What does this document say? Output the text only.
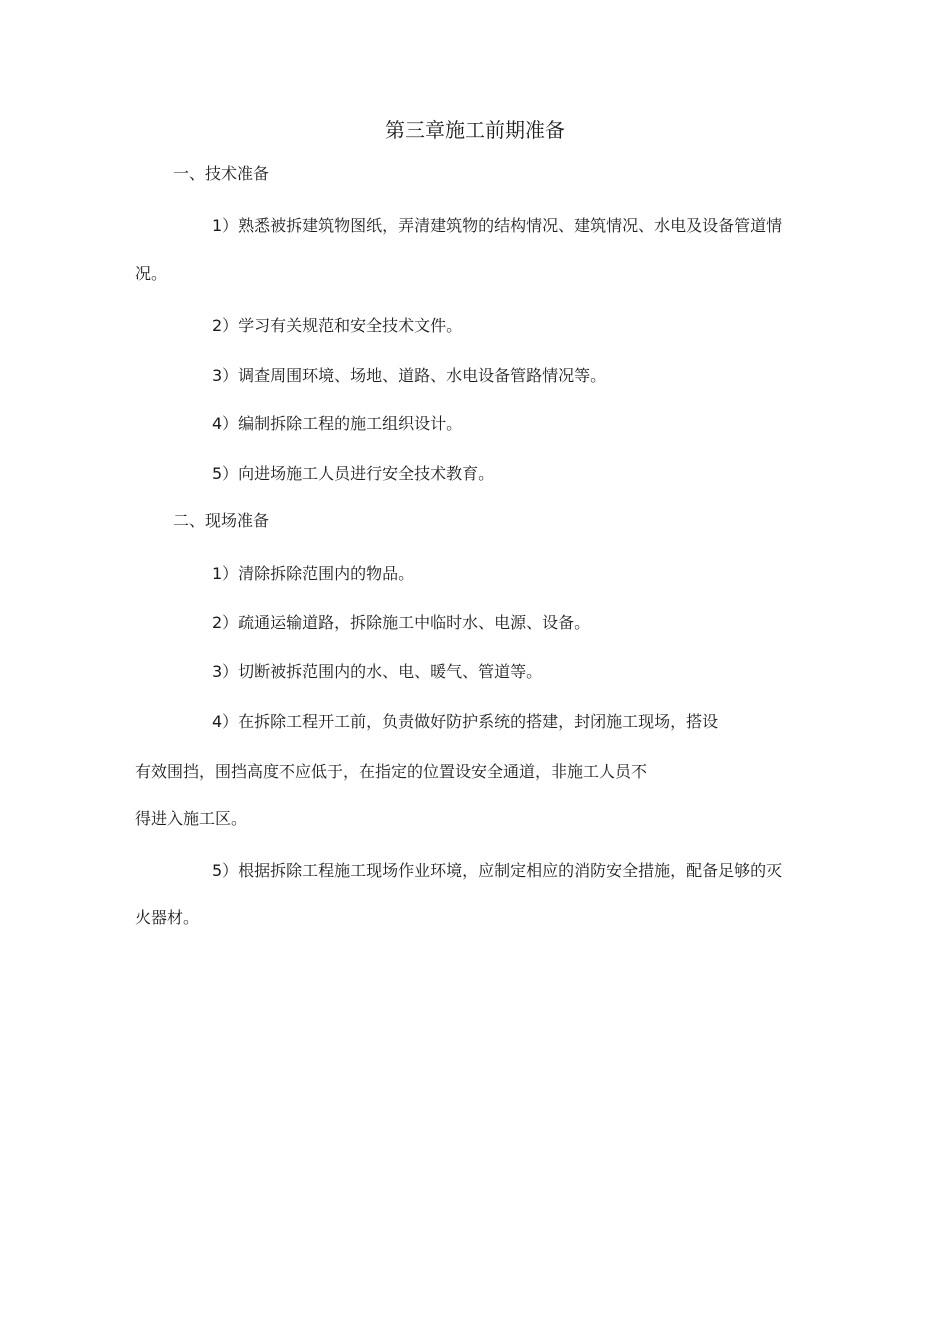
第三章施工前期准备
一、技术准备
1）熟悉被拆建筑物图纸，弄清建筑物的结构情况、建筑情况、水电及设备管道情
况。
2）学习有关规范和安全技术文件。
3）调查周围环境、场地、道路、水电设备管路情况等。
4）编制拆除工程的施工组织设计。
5）向进场施工人员进行安全技术教育。
二、现场准备
1）清除拆除范围内的物品。
2）疏通运输道路，拆除施工中临时水、电源、设备。
3）切断被拆范围内的水、电、暖气、管道等。
4）在拆除工程开工前，负责做好防护系统的搭建，封闭施工现场，搭设
有效围挡，围挡高度不应低于，在指定的位置设安全通道，非施工人员不
得进入施工区。
5）根据拆除工程施工现场作业环境，应制定相应的消防安全措施，配备足够的灭
火器材。
